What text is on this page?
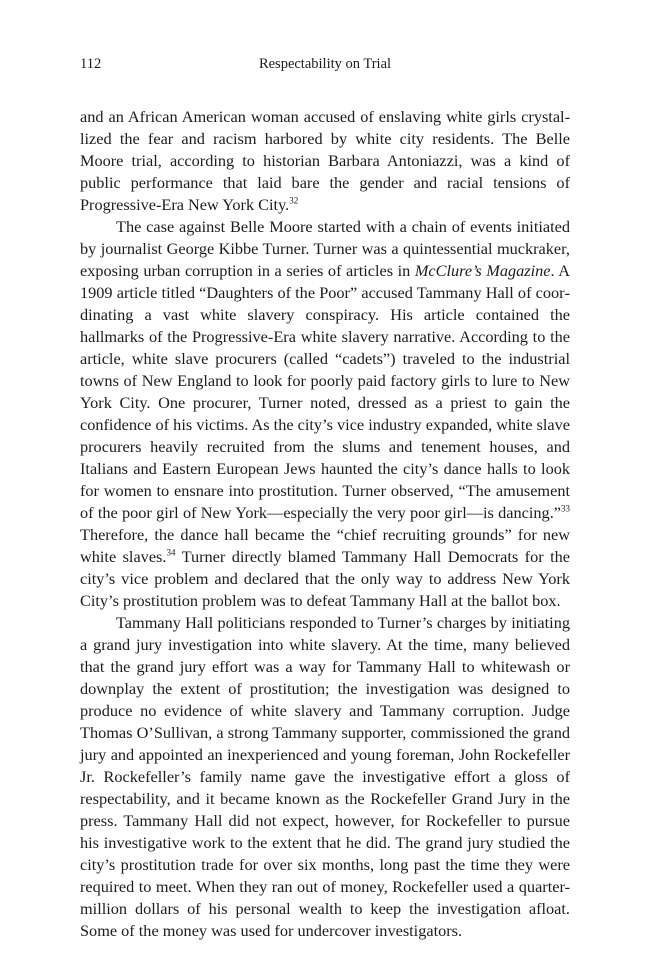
112	Respectability on Trial

and an African American woman accused of enslaving white girls crystallized the fear and racism harbored by white city residents. The Belle Moore trial, according to historian Barbara Antoniazzi, was a kind of public performance that laid bare the gender and racial tensions of Progressive-Era New York City.$^{32}$

The case against Belle Moore started with a chain of events initiated by journalist George Kibbe Turner. Turner was a quintessential muckraker, exposing urban corruption in a series of articles in McClure’s Magazine. A 1909 article titled “Daughters of the Poor” accused Tammany Hall of coordinating a vast white slavery conspiracy. His article contained the hallmarks of the Progressive-Era white slavery narrative. According to the article, white slave procurers (called “cadets”) traveled to the industrial towns of New England to look for poorly paid factory girls to lure to New York City. One procurer, Turner noted, dressed as a priest to gain the confidence of his victims. As the city’s vice industry expanded, white slave procurers heavily recruited from the slums and tenement houses, and Italians and Eastern European Jews haunted the city’s dance halls to look for women to ensnare into prostitution. Turner observed, “The amusement of the poor girl of New York—especially the very poor girl—is dancing.”$^{33}$ Therefore, the dance hall became the “chief recruiting grounds” for new white slaves.$^{34}$ Turner directly blamed Tammany Hall Democrats for the city’s vice problem and declared that the only way to address New York City’s prostitution problem was to defeat Tammany Hall at the ballot box.

Tammany Hall politicians responded to Turner’s charges by initiating a grand jury investigation into white slavery. At the time, many believed that the grand jury effort was a way for Tammany Hall to whitewash or downplay the extent of prostitution; the investigation was designed to produce no evidence of white slavery and Tammany corruption. Judge Thomas O’Sullivan, a strong Tammany supporter, commissioned the grand jury and appointed an inexperienced and young foreman, John Rockefeller Jr. Rockefeller’s family name gave the investigative effort a gloss of respectability, and it became known as the Rockefeller Grand Jury in the press. Tammany Hall did not expect, however, for Rockefeller to pursue his investigative work to the extent that he did. The grand jury studied the city’s prostitution trade for over six months, long past the time they were required to meet. When they ran out of money, Rockefeller used a quarter-million dollars of his personal wealth to keep the investigation afloat. Some of the money was used for undercover investigators.
